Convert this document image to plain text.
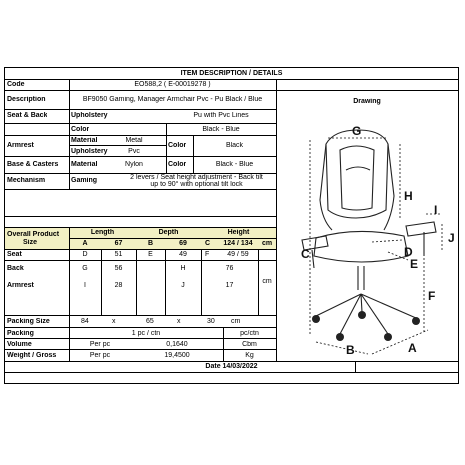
ITEM DESCRIPTION / DETAILS
Code	EO588,2 ( E-00019278 )
Description	BF9050 Gaming, Manager Armchair Pvc - Pu Black / Blue
Seat & Back	Upholstery	Pu with Pvc Lines
Color	Black - Blue
Armrest
Material	Metal
Upholstery	Pvc
Color	Black
Base & Casters Material	Nylon	Color	Black - Blue
Mechanism	Gaming	2 levers / Seat height adjustment - Back tilt
up to 90° with optional tilt lock
Overall Product
Size
Length	Depth	Height
A	67	B	69	C	124 / 134	cm
Seat	D	51	E	49	F	49 / 59
Back	G	56	H	76
cm
Armrest	I	28	J	17
Packing Size	84	x	65	x	30 cm
Packing	1 pc / ctn	pc/ctn
Volume	Per pc	0,1640	Cbm
Weight / Gross	Per pc	19,4500	Kg
Date 14/03/2022
Drawing
G
C
H
I
J
F
D
E
B	A
